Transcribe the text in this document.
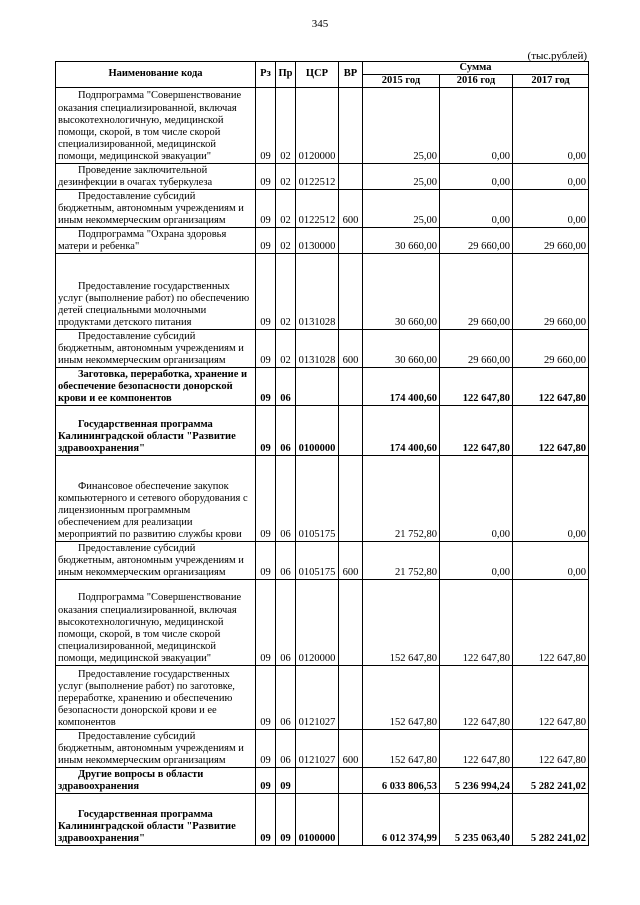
345
(тыс.рублей)
Наименование кода	Рз	Пр	ЦСР	ВР	Сумма		
					2015 год	2016 год	2017 год
Подпрограмма "Совершенствование оказания специализированной, включая высокотехнологичную, медицинской помощи, скорой, в том числе скорой специализированной, медицинской помощи, медицинской эвакуации"	09	02	0120000		25,00	0,00	0,00
Проведение заключительной дезинфекции в очагах туберкулеза	09	02	0122512		25,00	0,00	0,00
Предоставление субсидий бюджетным, автономным учреждениям и иным некоммерческим организациям	09	02	0122512	600	25,00	0,00	0,00
Подпрограмма "Охрана здоровья матери и ребенка"	09	02	0130000		30 660,00	29 660,00	29 660,00
Предоставление государственных услуг (выполнение работ) по обеспечению детей специальными молочными продуктами детского питания	09	02	0131028		30 660,00	29 660,00	29 660,00
Предоставление субсидий бюджетным, автономным учреждениям и иным некоммерческим организациям	09	02	0131028	600	30 660,00	29 660,00	29 660,00
Заготовка, переработка, хранение и обеспечение безопасности донорской крови и ее компонентов	09	06			174 400,60	122 647,80	122 647,80
Государственная программа Калининградской области "Развитие здравоохранения"	09	06	0100000		174 400,60	122 647,80	122 647,80
Финансовое обеспечение закупок компьютерного и сетевого оборудования с лицензионным программным обеспечением для реализации мероприятий по развитию службы крови	09	06	0105175		21 752,80	0,00	0,00
Предоставление субсидий бюджетным, автономным учреждениям и иным некоммерческим организациям	09	06	0105175	600	21 752,80	0,00	0,00
Подпрограмма "Совершенствование оказания специализированной, включая высокотехнологичную, медицинской помощи, скорой, в том числе скорой специализированной, медицинской помощи, медицинской эвакуации"	09	06	0120000		152 647,80	122 647,80	122 647,80
Предоставление государственных услуг (выполнение работ) по заготовке, переработке, хранению и обеспечению безопасности донорской крови и ее компонентов	09	06	0121027		152 647,80	122 647,80	122 647,80
Предоставление субсидий бюджетным, автономным учреждениям и иным некоммерческим организациям	09	06	0121027	600	152 647,80	122 647,80	122 647,80
Другие вопросы в области здравоохранения	09	09			6 033 806,53	5 236 994,24	5 282 241,02
Государственная программа Калининградской области "Развитие здравоохранения"	09	09	0100000		6 012 374,99	5 235 063,40	5 282 241,02
